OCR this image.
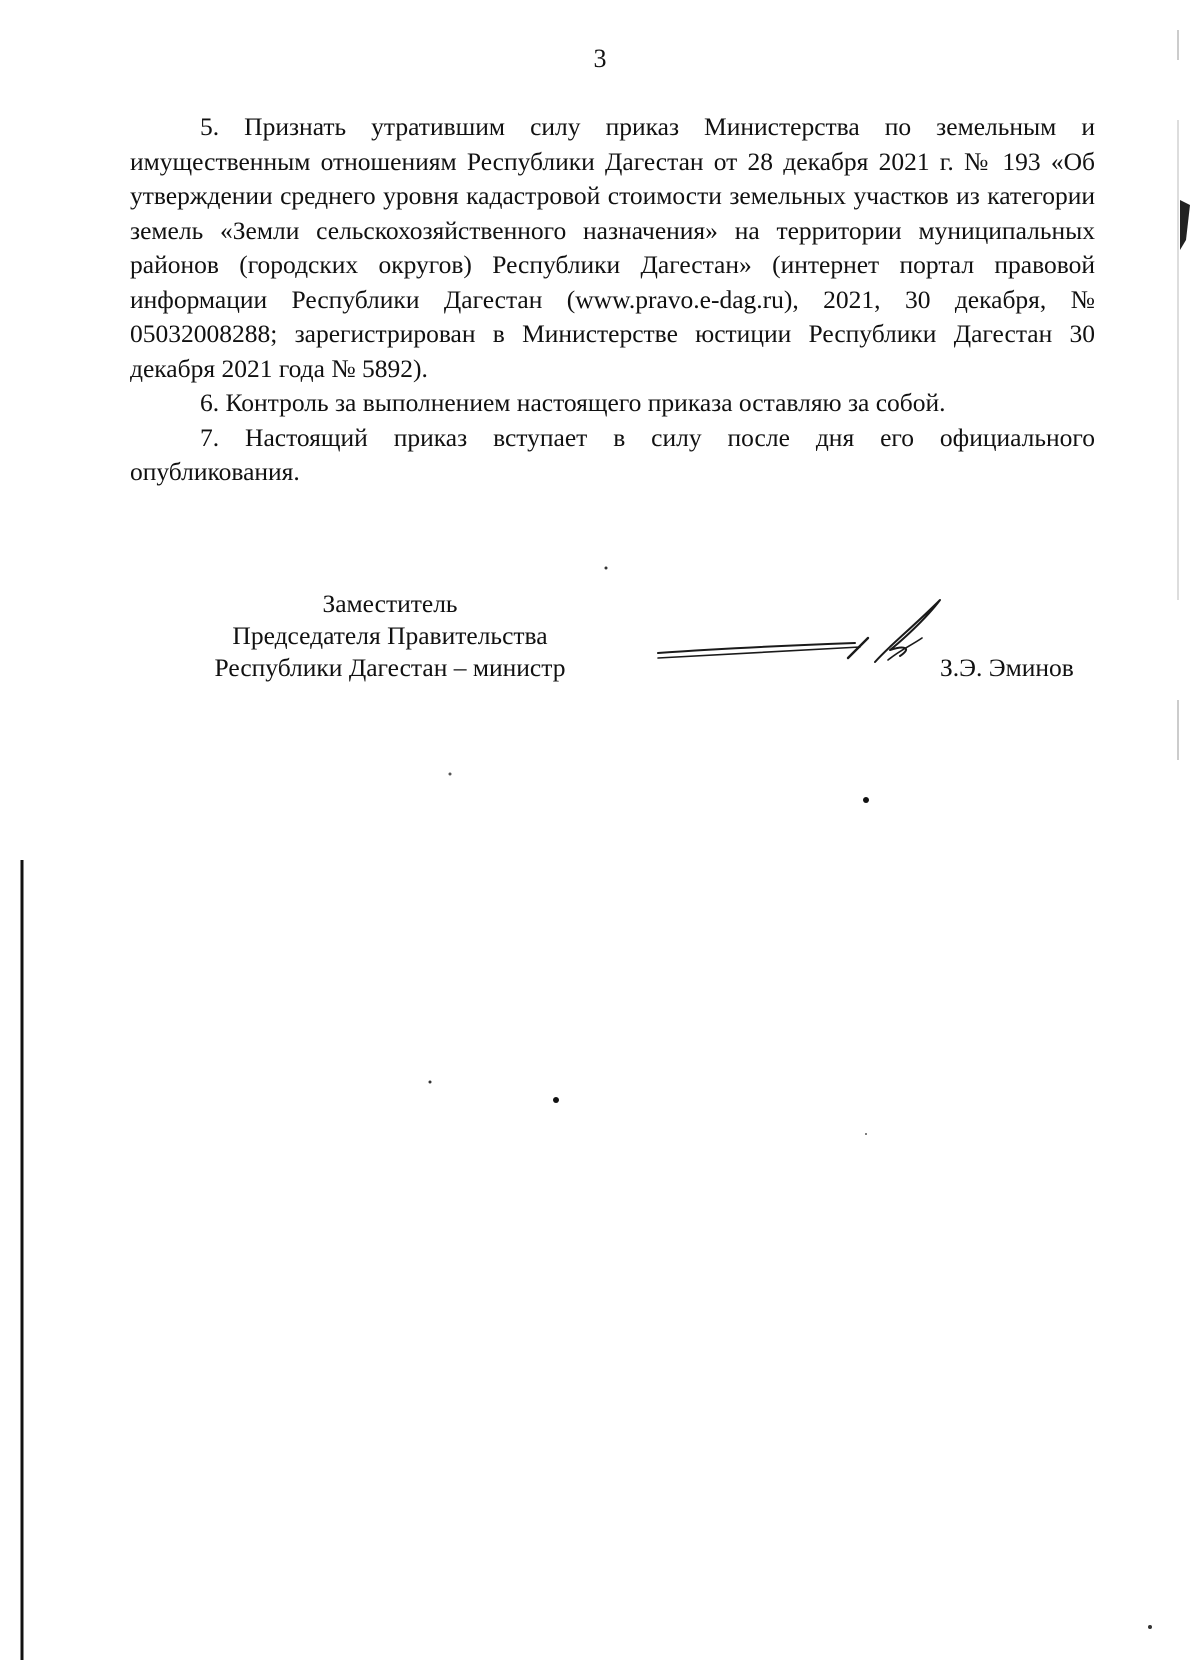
3

5. Признать утратившим силу приказ Министерства по земельным и имущественным отношениям Республики Дагестан от 28 декабря 2021 г. № 193 «Об утверждении среднего уровня кадастровой стоимости земельных участков из категории земель «Земли сельскохозяйственного назначения» на территории муниципальных районов (городских округов) Республики Дагестан» (интернет портал правовой информации Республики Дагестан (www.pravo.e-dag.ru), 2021, 30 декабря, № 05032008288; зарегистрирован в Министерстве юстиции Республики Дагестан 30 декабря 2021 года № 5892).

6. Контроль за выполнением настоящего приказа оставляю за собой.

7. Настоящий приказ вступает в силу после дня его официального опубликования.

Заместитель
Председателя Правительства
Республики Дагестан – министр	З.Э. Эминов
